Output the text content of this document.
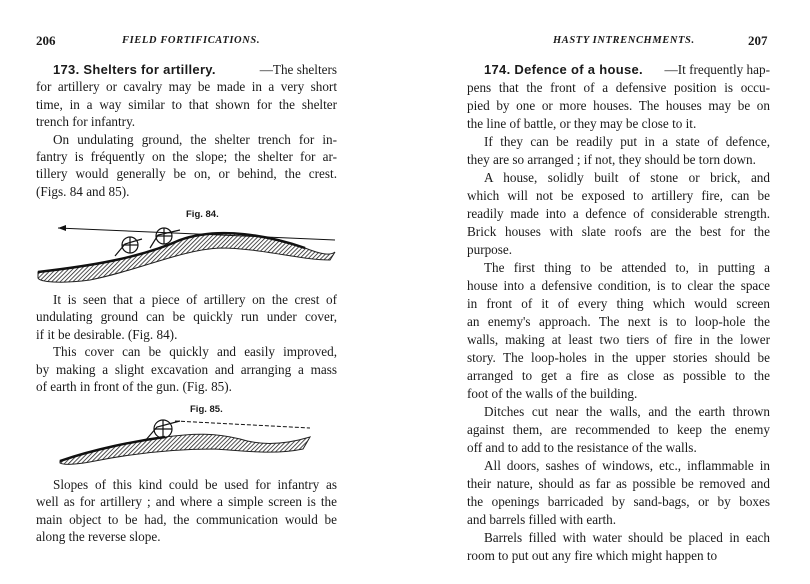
206	FIELD FORTIFICATIONS.
173. Shelters for artillery.	—The shelters
for artillery or cavalry may be made in a very short
time, in a way similar to that shown for the shelter
trench for infantry.
On undulating ground, the shelter trench for in-
fantry is fréquently on the slope; the shelter for ar-
tillery would generally be on, or behind, the crest.
(Figs. 84 and 85).
Fig. 84.
It is seen that a piece of artillery on the crest of
undulating ground can be quickly run under cover,
if it be desirable. (Fig. 84).
This cover can be quickly and easily improved,
by making a slight excavation and arranging a mass
of earth in front of the gun. (Fig. 85).
Fig. 85.
Slopes of this kind could be used for infantry as
well as for artillery ; and where a simple screen is the
main object to be had, the communication would be
along the reverse slope.
HASTY INTRENCHMENTS.	207
174. Defence of a house. —It frequently hap-
pens that the front of a defensive position is occu-
pied by one or more houses. The houses may be on
the line of battle, or they may be close to it.
If they can be readily put in a state of defence,
they are so arranged ; if not, they should be torn down.
A house, solidly built of stone or brick, and
which will not be exposed to artillery fire, can be
readily made into a defence of considerable strength.
Brick houses with slate roofs are the best for the
purpose.
The first thing to be attended to, in putting a
house into a defensive condition, is to clear the space
in front of it of every thing which would screen
an enemy's approach. The next is to loop-hole the
walls, making at least two tiers of fire in the lower
story. The loop-holes in the upper stories should be
arranged to get a fire as close as possible to the
foot of the walls of the building.
Ditches cut near the walls, and the earth thrown
against them, are recommended to keep the enemy
off and to add to the resistance of the walls.
All doors, sashes of windows, etc., inflammable in
their nature, should as far as possible be removed and
the openings barricaded by sand-bags, or by boxes
and barrels filled with earth.
Barrels filled with water should be placed in each
room to put out any fire which might happen to
